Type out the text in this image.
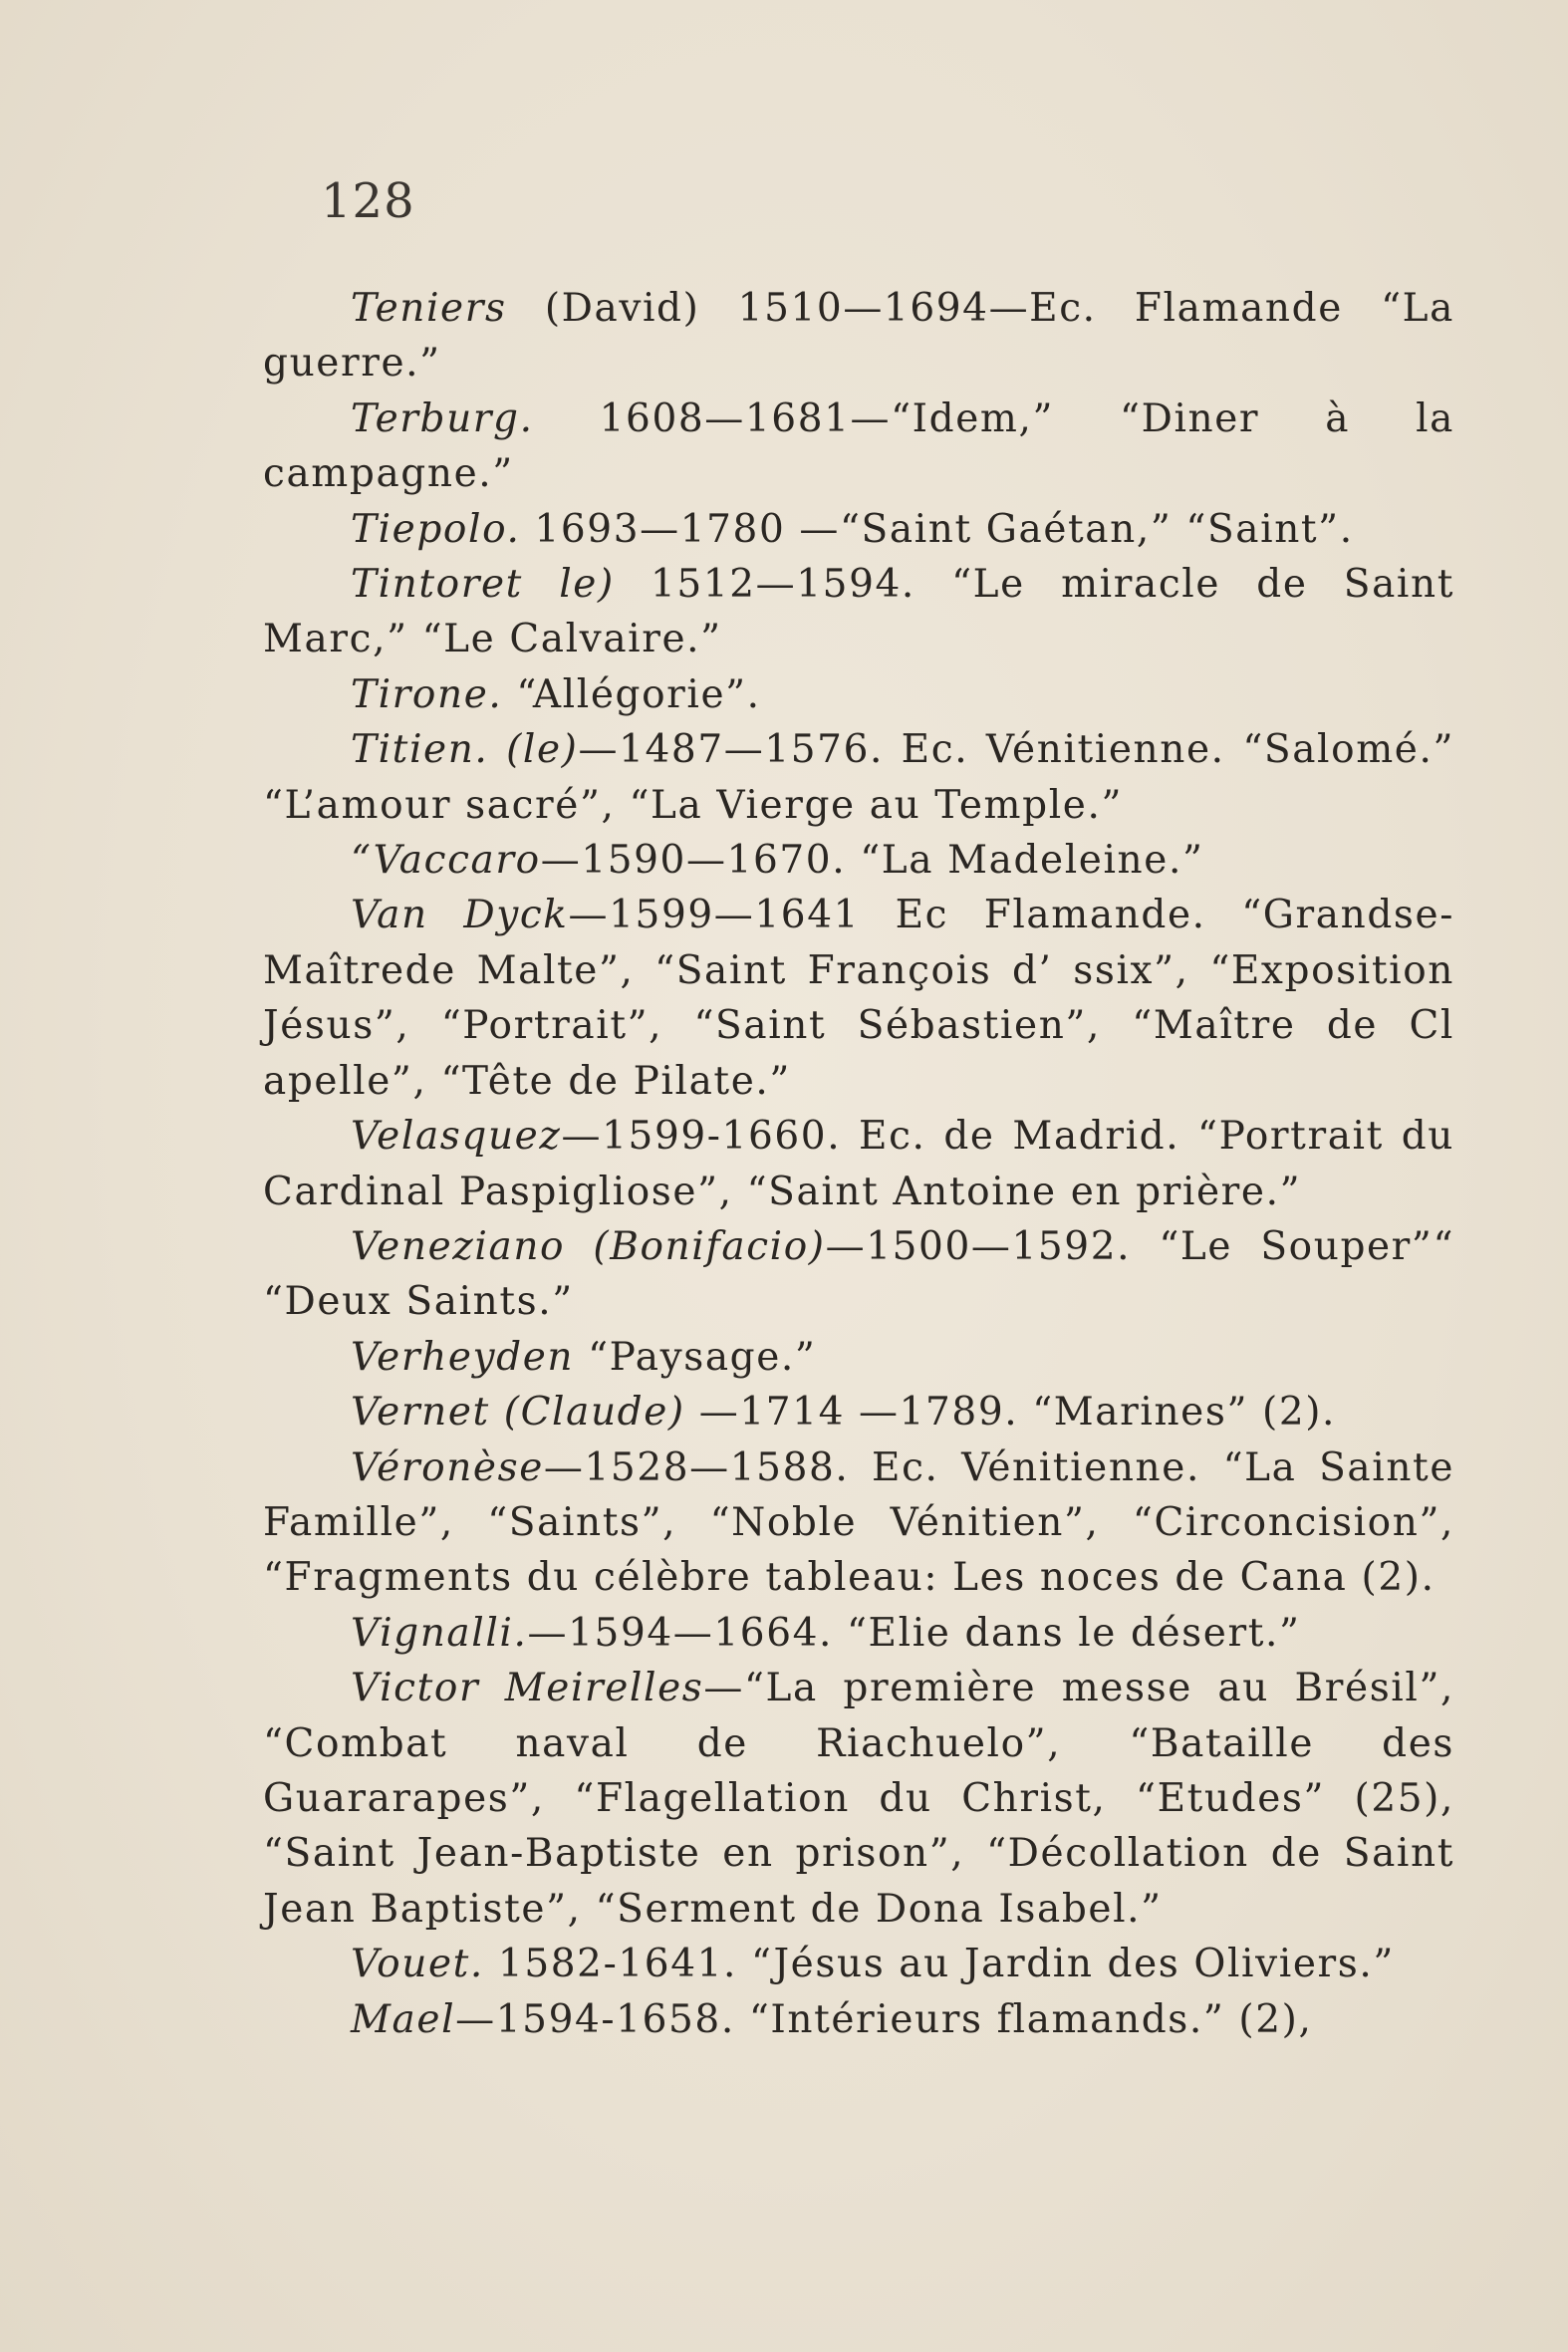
128

Teniers (David) 1510—1694—Ec. Flamande “La guerre.”

Terburg. 1608—1681—“Idem,” “Diner à la campagne.”

Tiepolo. 1693—1780 —“Saint Gaétan,” “Saint”.

Tintoret le) 1512—1594. “Le miracle de Saint Marc,” “Le Calvaire.”

Tirone. “Allégorie”.

Titien. (le)—1487—1576. Ec. Vénitienne. “Salomé.” “L’amour sacré”, “La Vierge au Temple.”

“Vaccaro—1590—1670. “La Madeleine.”

Van Dyck—1599—1641 Ec Flamande. “Grandse-Maîtrede Malte”, “Saint François d’ ssix”, “Exposition Jésus”, “Portrait”, “Saint Sébastien”, “Maître de Cl apelle”, “Tête de Pilate.”

Velasquez—1599-1660. Ec. de Madrid. “Portrait du Cardinal Paspigliose”, “Saint Antoine en prière.”

Veneziano (Bonifacio)—1500—1592. “Le Souper”“ “Deux Saints.”

Verheyden “Paysage.”

Vernet (Claude) —1714 —1789. “Marines” (2).

Véronèse—1528—1588. Ec. Vénitienne. “La Sainte Famille”, “Saints”, “Noble Vénitien”, “Circoncision”, “Fragments du célèbre tableau: Les noces de Cana (2).

Vignalli.—1594—1664. “Elie dans le désert.”

Victor Meirelles—“La première messe au Brésil”, “Combat naval de Riachuelo”, “Bataille des Guararapes”, “Flagellation du Christ, “Etudes” (25), “Saint Jean-Baptiste en prison”, “Décollation de Saint Jean Baptiste”, “Serment de Dona Isabel.”

Vouet. 1582-1641. “Jésus au Jardin des Oliviers.”

Mael—1594-1658. “Intérieurs flamands.” (2),
